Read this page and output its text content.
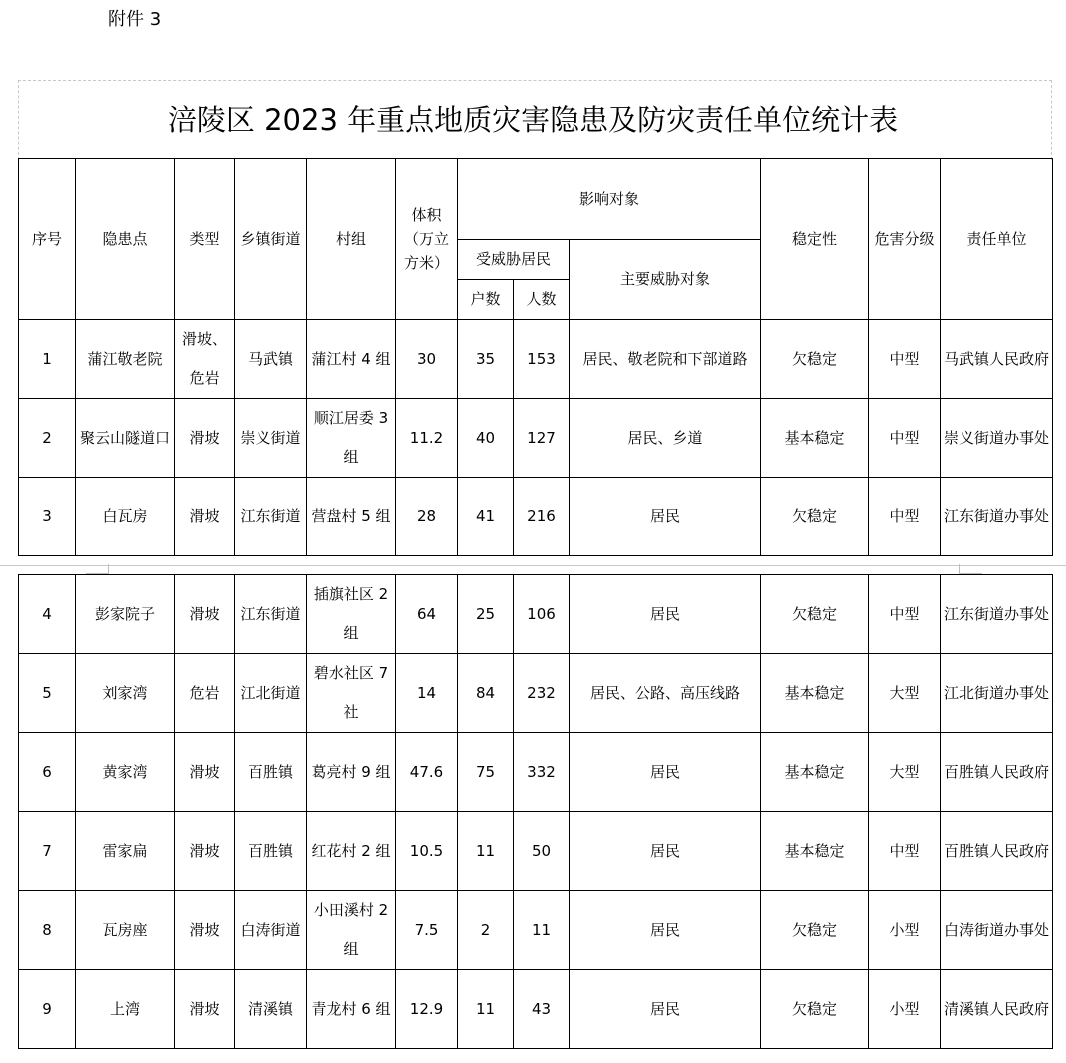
附件 3
涪陵区 2023 年重点地质灾害隐患及防灾责任单位统计表
序号	隐患点	类型	乡镇街道	村组	体积（万立方米）	影响对象			稳定性	危害分级	责任单位
						受威胁居民		主要威胁对象			
						户数	人数				
1	蒲江敬老院	滑坡、危岩	马武镇	蒲江村 4 组	30	35	153	居民、敬老院和下部道路	欠稳定	中型	马武镇人民政府
2	聚云山隧道口	滑坡	崇义街道	顺江居委 3 组	11.2	40	127	居民、乡道	基本稳定	中型	崇义街道办事处
3	白瓦房	滑坡	江东街道	营盘村 5 组	28	41	216	居民	欠稳定	中型	江东街道办事处
4	彭家院子	滑坡	江东街道	插旗社区 2 组	64	25	106	居民	欠稳定	中型	江东街道办事处
5	刘家湾	危岩	江北街道	碧水社区 7 社	14	84	232	居民、公路、高压线路	基本稳定	大型	江北街道办事处
6	黄家湾	滑坡	百胜镇	葛亮村 9 组	47.6	75	332	居民	基本稳定	大型	百胜镇人民政府
7	雷家扁	滑坡	百胜镇	红花村 2 组	10.5	11	50	居民	基本稳定	中型	百胜镇人民政府
8	瓦房座	滑坡	白涛街道	小田溪村 2 组	7.5	2	11	居民	欠稳定	小型	白涛街道办事处
9	上湾	滑坡	清溪镇	青龙村 6 组	12.9	11	43	居民	欠稳定	小型	清溪镇人民政府
